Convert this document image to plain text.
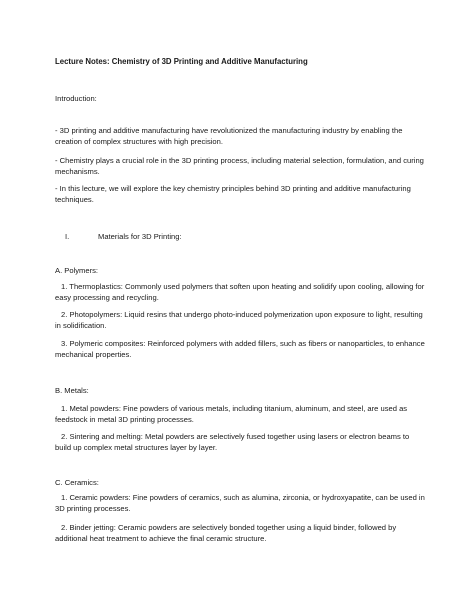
Lecture Notes: Chemistry of 3D Printing and Additive Manufacturing
Introduction:
- 3D printing and additive manufacturing have revolutionized the manufacturing industry by enabling the creation of complex structures with high precision.
- Chemistry plays a crucial role in the 3D printing process, including material selection, formulation, and curing mechanisms.
- In this lecture, we will explore the key chemistry principles behind 3D printing and additive manufacturing techniques.
I.	Materials for 3D Printing:
A. Polymers:
1. Thermoplastics: Commonly used polymers that soften upon heating and solidify upon cooling, allowing for easy processing and recycling.
2. Photopolymers: Liquid resins that undergo photo-induced polymerization upon exposure to light, resulting in solidification.
3. Polymeric composites: Reinforced polymers with added fillers, such as fibers or nanoparticles, to enhance mechanical properties.
B. Metals:
1. Metal powders: Fine powders of various metals, including titanium, aluminum, and steel, are used as feedstock in metal 3D printing processes.
2. Sintering and melting: Metal powders are selectively fused together using lasers or electron beams to build up complex metal structures layer by layer.
C. Ceramics:
1. Ceramic powders: Fine powders of ceramics, such as alumina, zirconia, or hydroxyapatite, can be used in 3D printing processes.
2. Binder jetting: Ceramic powders are selectively bonded together using a liquid binder, followed by additional heat treatment to achieve the final ceramic structure.
